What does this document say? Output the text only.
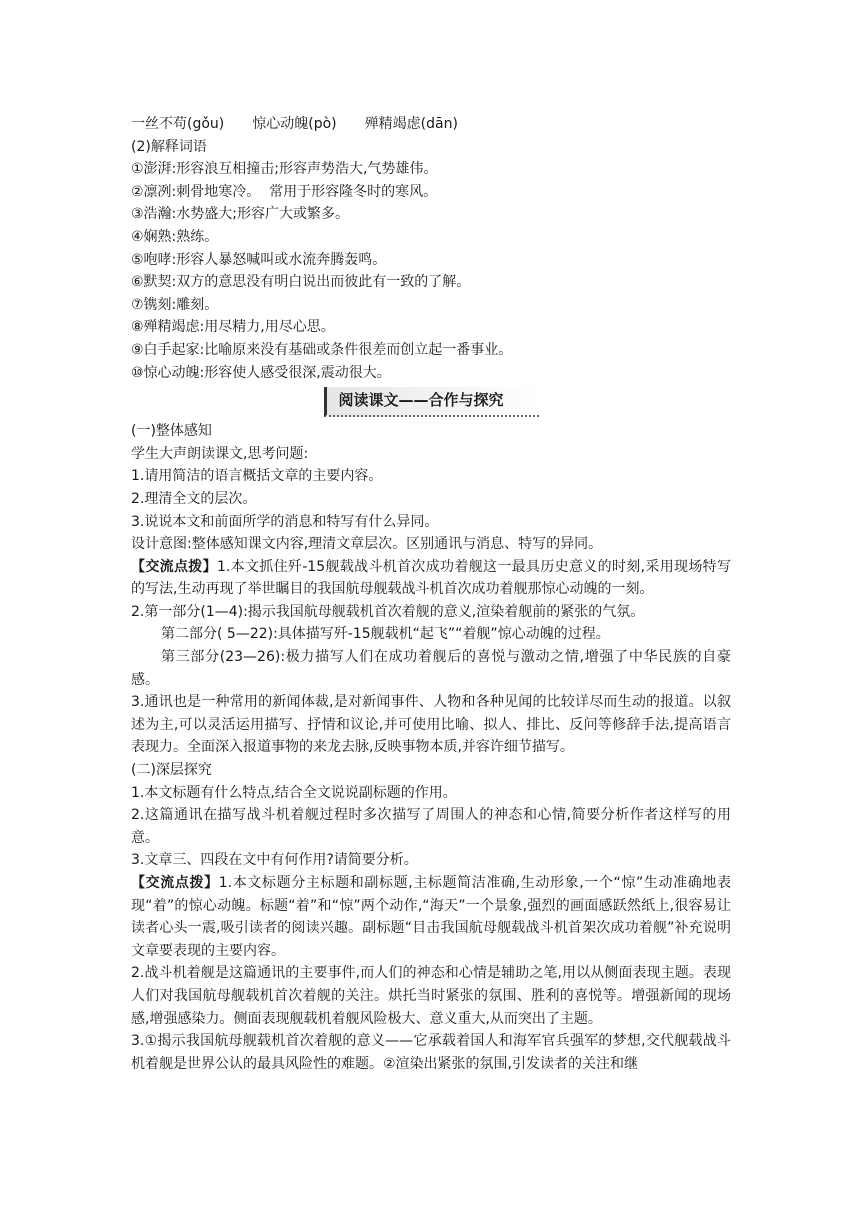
一丝不苟(gǒu) 惊心动魄(pò) 殚精竭虑(dān)
(2)解释词语
①澎湃:形容浪互相撞击;形容声势浩大,气势雄伟。
②凛冽:刺骨地寒冷。  常用于形容隆冬时的寒风。
③浩瀚:水势盛大;形容广大或繁多。
④娴熟:熟练。
⑤咆哮:形容人暴怒喊叫或水流奔腾轰鸣。
⑥默契:双方的意思没有明白说出而彼此有一致的了解。
⑦镌刻:雕刻。
⑧殚精竭虑:用尽精力,用尽心思。
⑨白手起家:比喻原来没有基础或条件很差而创立起一番事业。
⑩惊心动魄:形容使人感受很深,震动很大。
阅读课文——合作与探究
(一)整体感知
学生大声朗读课文,思考问题:
1.请用简洁的语言概括文章的主要内容。
2.理清全文的层次。
3.说说本文和前面所学的消息和特写有什么异同。
设计意图:整体感知课文内容,理清文章层次。区别通讯与消息、特写的异同。
【交流点拨】1.本文抓住歼-15舰载战斗机首次成功着舰这一最具历史意义的时刻,采用现场特写的写法,生动再现了举世瞩目的我国航母舰载战斗机首次成功着舰那惊心动魄的一刻。
2.第一部分(1—4):揭示我国航母舰载机首次着舰的意义,渲染着舰前的紧张的气氛。
第二部分( 5—22):具体描写歼-15舰载机“起飞”“着舰”惊心动魄的过程。
第三部分(23—26):极力描写人们在成功着舰后的喜悦与激动之情,增强了中华民族的自豪感。
3.通讯也是一种常用的新闻体裁,是对新闻事件、人物和各种见闻的比较详尽而生动的报道。以叙述为主,可以灵活运用描写、抒情和议论,并可使用比喻、拟人、排比、反问等修辞手法,提高语言表现力。全面深入报道事物的来龙去脉,反映事物本质,并容许细节描写。
(二)深层探究
1.本文标题有什么特点,结合全文说说副标题的作用。
2.这篇通讯在描写战斗机着舰过程时多次描写了周围人的神态和心情,简要分析作者这样写的用意。
3.文章三、四段在文中有何作用?请简要分析。
【交流点拨】1.本文标题分主标题和副标题,主标题简洁准确,生动形象,一个“惊”生动准确地表现“着”的惊心动魄。标题“着”和“惊”两个动作,“海天”一个景象,强烈的画面感跃然纸上,很容易让读者心头一震,吸引读者的阅读兴趣。副标题“目击我国航母舰载战斗机首架次成功着舰”补充说明文章要表现的主要内容。
2.战斗机着舰是这篇通讯的主要事件,而人们的神态和心情是辅助之笔,用以从侧面表现主题。表现人们对我国航母舰载机首次着舰的关注。烘托当时紧张的氛围、胜利的喜悦等。增强新闻的现场感,增强感染力。侧面表现舰载机着舰风险极大、意义重大,从而突出了主题。
3.①揭示我国航母舰载机首次着舰的意义——它承载着国人和海军官兵强军的梦想,交代舰载战斗机着舰是世界公认的最具风险性的难题。②渲染出紧张的氛围,引发读者的关注和继
